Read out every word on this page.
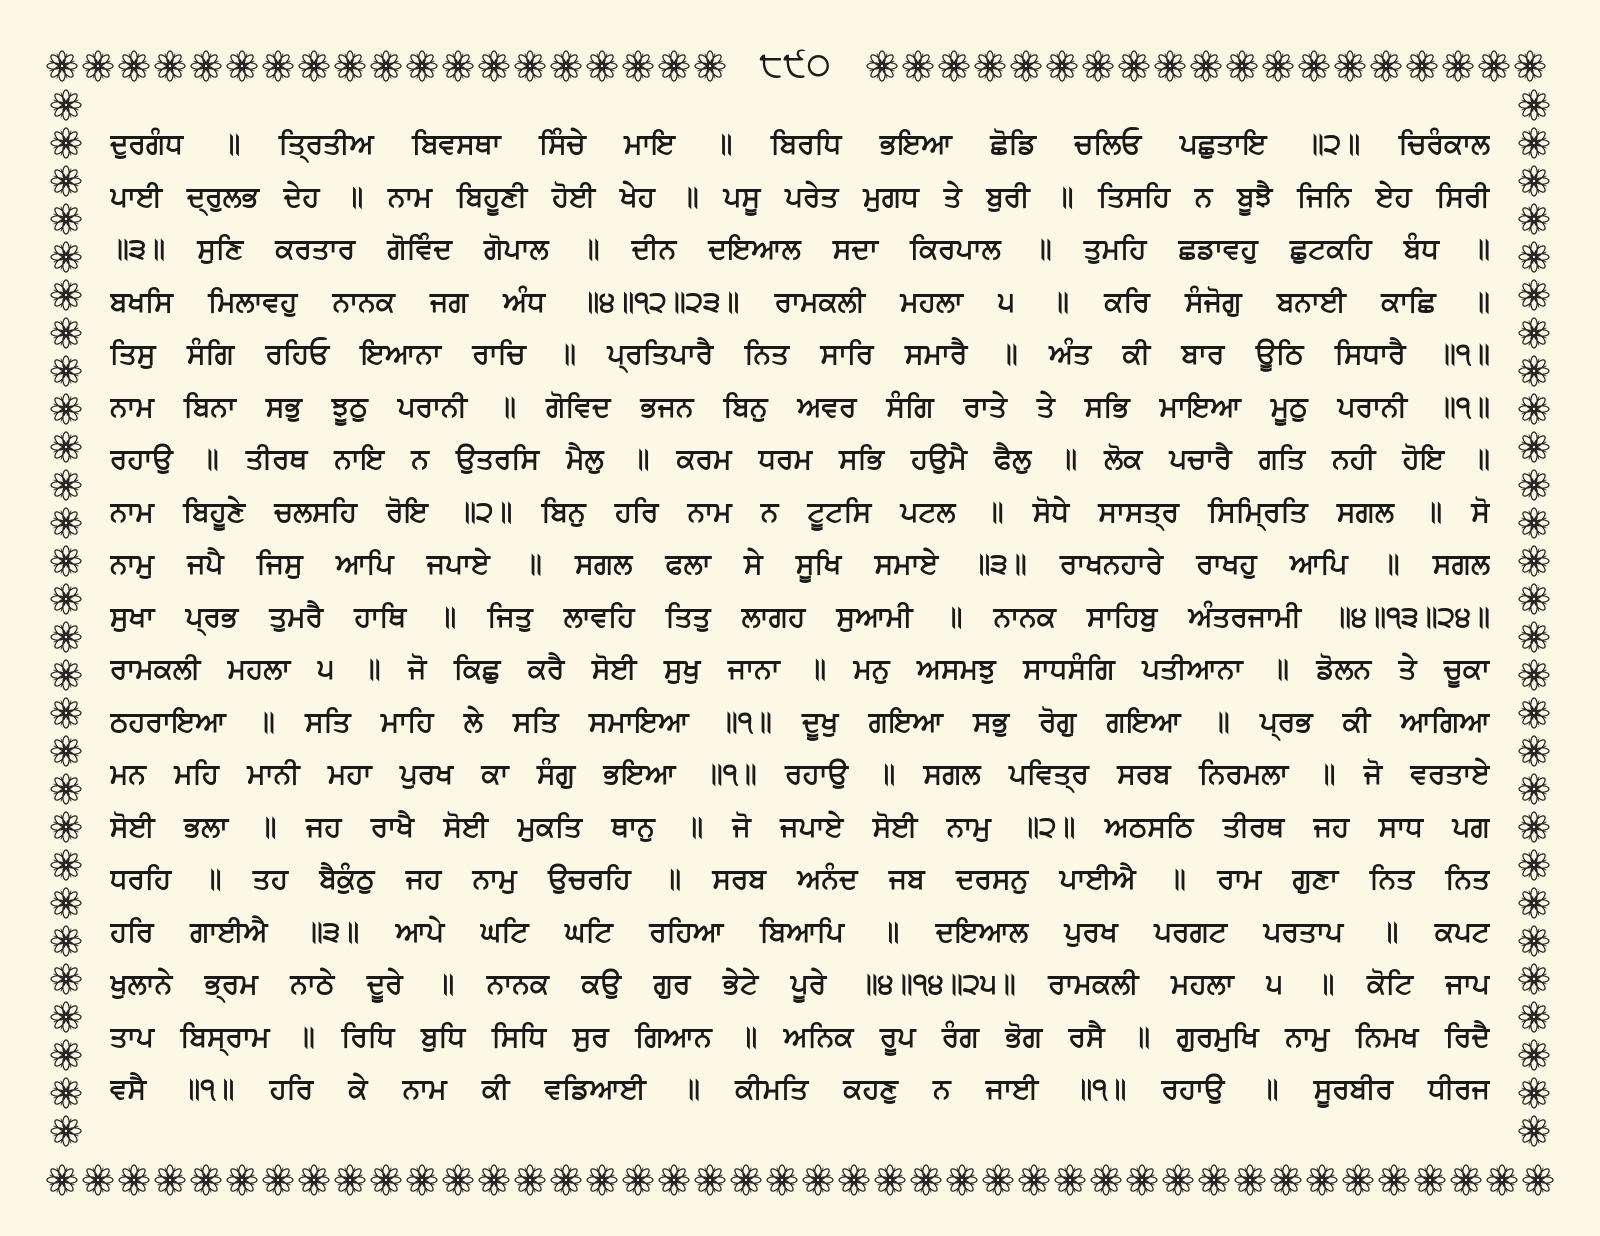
੮੯੦
ਦੁਰਗੰਧ ॥ ਤ੍ਰਿਤੀਅ ਬਿਵਸਥਾ ਸਿੰਚੇ ਮਾਇ ॥ ਬਿਰਧਿ ਭਇਆ ਛੋਡਿ ਚਲਿਓ ਪਛੁਤਾਇ ॥੨॥ ਚਿਰੰਕਾਲ
ਪਾਈ ਦ੍ਰੁਲਭ ਦੇਹ ॥ ਨਾਮ ਬਿਹੂਣੀ ਹੋਈ ਖੇਹ ॥ ਪਸੂ ਪਰੇਤ ਮੁਗਧ ਤੇ ਬੁਰੀ ॥ ਤਿਸਹਿ ਨ ਬੂਝੈ ਜਿਨਿ ਏਹ ਸਿਰੀ
॥੩॥ ਸੁਣਿ ਕਰਤਾਰ ਗੋਵਿੰਦ ਗੋਪਾਲ ॥ ਦੀਨ ਦਇਆਲ ਸਦਾ ਕਿਰਪਾਲ ॥ ਤੁਮਹਿ ਛਡਾਵਹੁ ਛੁਟਕਹਿ ਬੰਧ ॥
ਬਖਸਿ ਮਿਲਾਵਹੁ ਨਾਨਕ ਜਗ ਅੰਧ ॥੪॥੧੨॥੨੩॥ ਰਾਮਕਲੀ ਮਹਲਾ ੫ ॥ ਕਰਿ ਸੰਜੋਗੁ ਬਨਾਈ ਕਾਛਿ ॥
ਤਿਸੁ ਸੰਗਿ ਰਹਿਓ ਇਆਨਾ ਰਾਚਿ ॥ ਪ੍ਰਤਿਪਾਰੈ ਨਿਤ ਸਾਰਿ ਸਮਾਰੈ ॥ ਅੰਤ ਕੀ ਬਾਰ ਊਠਿ ਸਿਧਾਰੈ ॥੧॥
ਨਾਮ ਬਿਨਾ ਸਭੁ ਝੂਠੁ ਪਰਾਨੀ ॥ ਗੋਵਿਦ ਭਜਨ ਬਿਨੁ ਅਵਰ ਸੰਗਿ ਰਾਤੇ ਤੇ ਸਭਿ ਮਾਇਆ ਮੂਠੁ ਪਰਾਨੀ ॥੧॥
ਰਹਾਉ ॥ ਤੀਰਥ ਨਾਇ ਨ ਉਤਰਸਿ ਮੈਲੁ ॥ ਕਰਮ ਧਰਮ ਸਭਿ ਹਉਮੈ ਫੈਲੁ ॥ ਲੋਕ ਪਚਾਰੈ ਗਤਿ ਨਹੀ ਹੋਇ ॥
ਨਾਮ ਬਿਹੂਣੇ ਚਲਸਹਿ ਰੋਇ ॥੨॥ ਬਿਨੁ ਹਰਿ ਨਾਮ ਨ ਟੂਟਸਿ ਪਟਲ ॥ ਸੋਧੇ ਸਾਸਤ੍ਰ ਸਿਮ੍ਰਿਤਿ ਸਗਲ ॥ ਸੋ
ਨਾਮੁ ਜਪੈ ਜਿਸੁ ਆਪਿ ਜਪਾਏ ॥ ਸਗਲ ਫਲਾ ਸੇ ਸੂਖਿ ਸਮਾਏ ॥੩॥ ਰਾਖਨਹਾਰੇ ਰਾਖਹੁ ਆਪਿ ॥ ਸਗਲ
ਸੁਖਾ ਪ੍ਰਭ ਤੁਮਰੈ ਹਾਥਿ ॥ ਜਿਤੁ ਲਾਵਹਿ ਤਿਤੁ ਲਾਗਹ ਸੁਆਮੀ ॥ ਨਾਨਕ ਸਾਹਿਬੁ ਅੰਤਰਜਾਮੀ ॥੪॥੧੩॥੨੪॥
ਰਾਮਕਲੀ ਮਹਲਾ ੫ ॥ ਜੋ ਕਿਛੁ ਕਰੈ ਸੋਈ ਸੁਖੁ ਜਾਨਾ ॥ ਮਨੁ ਅਸਮਝੁ ਸਾਧਸੰਗਿ ਪਤੀਆਨਾ ॥ ਡੋਲਨ ਤੇ ਚੂਕਾ
ਠਹਰਾਇਆ ॥ ਸਤਿ ਮਾਹਿ ਲੇ ਸਤਿ ਸਮਾਇਆ ॥੧॥ ਦੂਖੁ ਗਇਆ ਸਭੁ ਰੋਗੁ ਗਇਆ ॥ ਪ੍ਰਭ ਕੀ ਆਗਿਆ
ਮਨ ਮਹਿ ਮਾਨੀ ਮਹਾ ਪੁਰਖ ਕਾ ਸੰਗੁ ਭਇਆ ॥੧॥ ਰਹਾਉ ॥ ਸਗਲ ਪਵਿਤ੍ਰ ਸਰਬ ਨਿਰਮਲਾ ॥ ਜੋ ਵਰਤਾਏ
ਸੋਈ ਭਲਾ ॥ ਜਹ ਰਾਖੈ ਸੋਈ ਮੁਕਤਿ ਥਾਨੁ ॥ ਜੋ ਜਪਾਏ ਸੋਈ ਨਾਮੁ ॥੨॥ ਅਠਸਠਿ ਤੀਰਥ ਜਹ ਸਾਧ ਪਗ
ਧਰਹਿ ॥ ਤਹ ਬੈਕੁੰਠੁ ਜਹ ਨਾਮੁ ਉਚਰਹਿ ॥ ਸਰਬ ਅਨੰਦ ਜਬ ਦਰਸਨੁ ਪਾਈਐ ॥ ਰਾਮ ਗੁਣਾ ਨਿਤ ਨਿਤ
ਹਰਿ ਗਾਈਐ ॥੩॥ ਆਪੇ ਘਟਿ ਘਟਿ ਰਹਿਆ ਬਿਆਪਿ ॥ ਦਇਆਲ ਪੁਰਖ ਪਰਗਟ ਪਰਤਾਪ ॥ ਕਪਟ
ਖੁਲਾਨੇ ਭ੍ਰਮ ਨਾਠੇ ਦੂਰੇ ॥ ਨਾਨਕ ਕਉ ਗੁਰ ਭੇਟੇ ਪੂਰੇ ॥੪॥੧੪॥੨੫॥ ਰਾਮਕਲੀ ਮਹਲਾ ੫ ॥ ਕੋਟਿ ਜਾਪ
ਤਾਪ ਬਿਸ੍ਰਾਮ ॥ ਰਿਧਿ ਬੁਧਿ ਸਿਧਿ ਸੁਰ ਗਿਆਨ ॥ ਅਨਿਕ ਰੂਪ ਰੰਗ ਭੋਗ ਰਸੈ ॥ ਗੁਰਮੁਖਿ ਨਾਮੁ ਨਿਮਖ ਰਿਦੈ
ਵਸੈ ॥੧॥ ਹਰਿ ਕੇ ਨਾਮ ਕੀ ਵਡਿਆਈ ॥ ਕੀਮਤਿ ਕਹਣੁ ਨ ਜਾਈ ॥੧॥ ਰਹਾਉ ॥ ਸੂਰਬੀਰ ਧੀਰਜ
